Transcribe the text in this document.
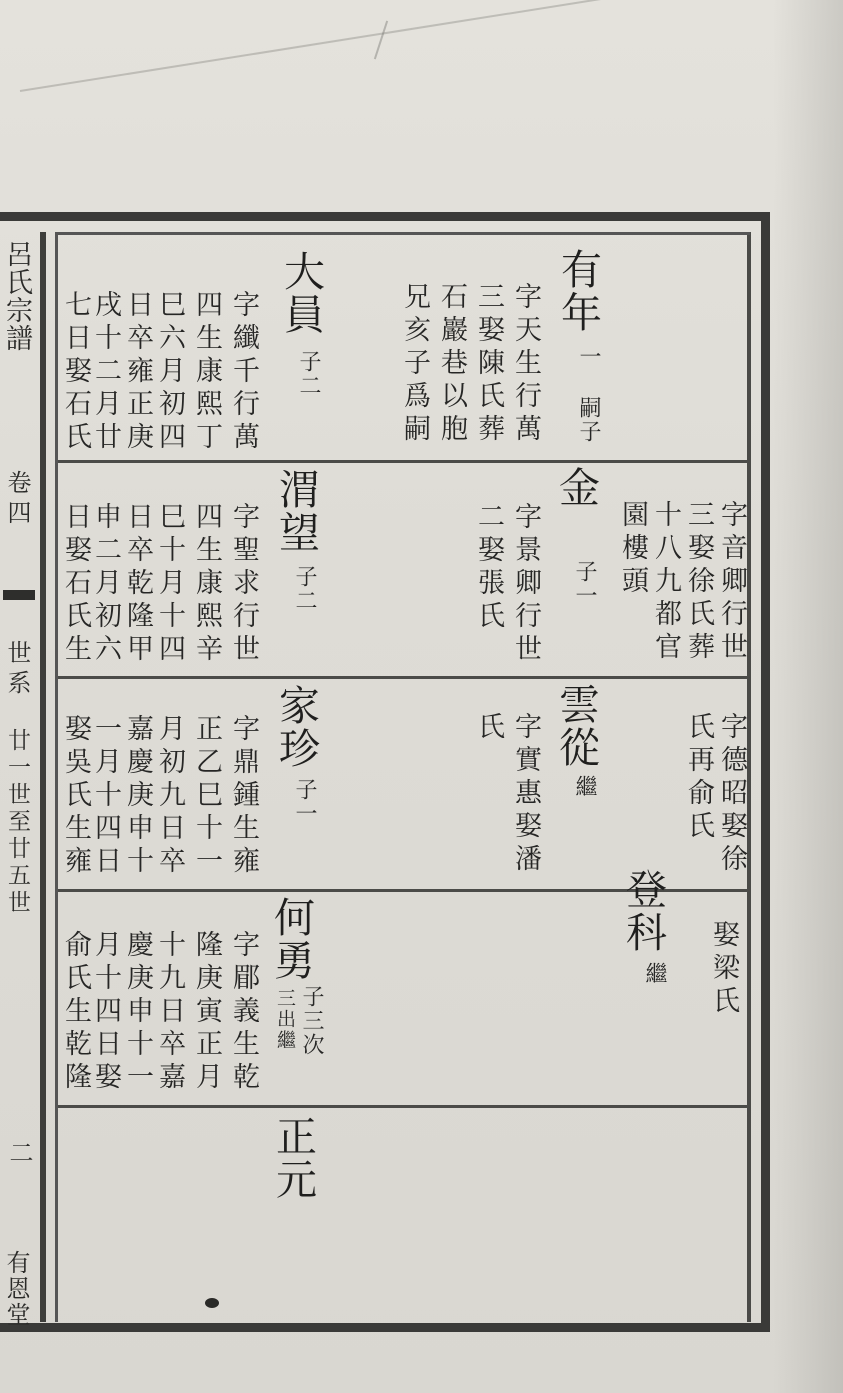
呂氏宗譜
卷四
世系
廿一世至廿五世
二
有恩堂
有年
一 嗣子
字天生行萬
三娶陳氏葬
石巖巷以胞
兄亥子爲嗣
大員
子二
字纖千行萬
四生康熙丁
巳六月初四
日卒雍正庚
戌十二月廿
七日娶石氏
字音卿行世
三娶徐氏葬
十八九都官
園樓頭
金
子一
字景卿行世
二娶張氏
渭望
子二
字聖求行世
四生康熙辛
巳十月十四
日卒乾隆甲
申二月初六
日娶石氏生
字德昭娶徐
氏再俞氏
雲從
繼
字實惠娶潘
氏
家珍
子一
字鼎鍾生雍
正乙巳十一
月初九日卒
嘉慶庚申十
一月十四日
娶吳氏生雍
娶梁氏
登科
繼
何勇
子三次
三出繼
字郿義生乾
隆庚寅正月
十九日卒嘉
慶庚申十一
月十四日娶
俞氏生乾隆
正元
